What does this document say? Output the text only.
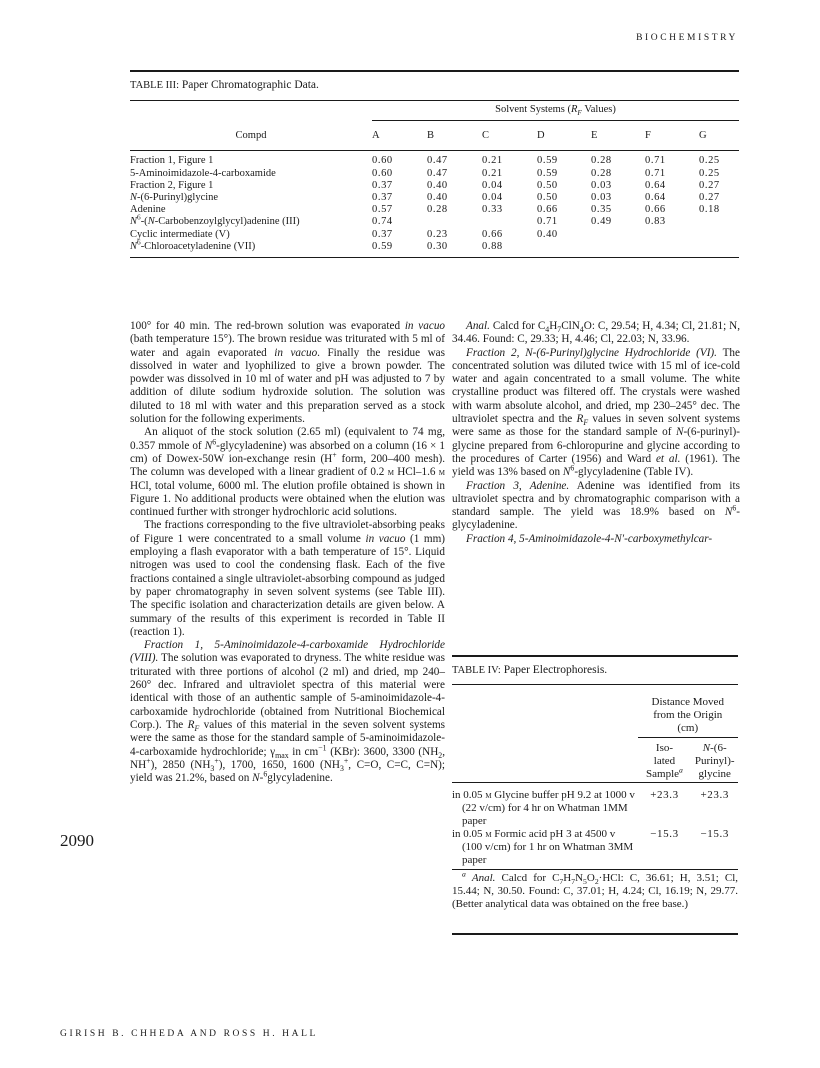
BIOCHEMISTRY
TABLE III: Paper Chromatographic Data.
	Solvent Systems ($R_F$ Values)						
Compd	A	B	C	D	E	F	G
Fraction 1, Figure 1	0.60	0.47	0.21	0.59	0.28	0.71	0.25
5-Aminoimidazole-4-carboxamide	0.60	0.47	0.21	0.59	0.28	0.71	0.25
Fraction 2, Figure 1	0.37	0.40	0.04	0.50	0.03	0.64	0.27
N-(6-Purinyl)glycine	0.37	0.40	0.04	0.50	0.03	0.64	0.27
Adenine	0.57	0.28	0.33	0.66	0.35	0.66	0.18
$N^6-(N-Carbobenzoylglycyl)adenine$ (III)	0.74			0.71	0.49	0.83	
Cyclic intermediate (V)	0.37	0.23	0.66	0.40			
$N^6$-Chloroacetyladenine (VII)	0.59	0.30	0.88				

100° for 40 min. The red-brown solution was evaporated in vacuo (bath temperature 15°). The brown residue was triturated with 5 ml of water and again evaporated in vacuo. Finally the residue was dissolved in water and lyophilized to give a brown powder. The powder was dissolved in 10 ml of water and pH was adjusted to 7 by addition of dilute sodium hydroxide solution. The solution was diluted to 18 ml with water and this preparation served as a stock solution for the following experiments.

An aliquot of the stock solution (2.65 ml) (equivalent to 74 mg, 0.357 mmole of $N^6-glycyladenine$) was absorbed on a column (16 × 1 cm) of Dowex-50W ion-exchange resin (H+ form, 200–400 mesh). The column was developed with a linear gradient of 0.2 m HCl–1.6 m HCl, total volume, 6000 ml. The elution profile obtained is shown in Figure 1. No additional products were obtained when the elution was continued further with stronger hydrochloric acid solutions.

The fractions corresponding to the five ultraviolet-absorbing peaks of Figure 1 were concentrated to a small volume in vacuo (1 mm) employing a flash evaporator with a bath temperature of 15°. Liquid nitrogen was used to cool the condensing flask. Each of the five fractions contained a single ultraviolet-absorbing compound as judged by paper chromatography in seven solvent systems (see Table III). The specific isolation and characterization details are given below. A summary of the results of this experiment is recorded in Table II (reaction 1).

Fraction 1, 5-Aminoimidazole-4-carboxamide Hydrochloride (VIII). The solution was evaporated to dryness. The white residue was triturated with three portions of alcohol (2 ml) and dried, mp 240–260° dec. Infrared and ultraviolet spectra of this material were identical with those of an authentic sample of 5-aminoimidazole-4-carboxamide hydrochloride (obtained from Nutritional Biochemical Corp.). The $R_F$ values of this material in the seven solvent systems were the same as those for the standard sample of 5-aminoimidazole-4-carboxamide hydrochloride; $\gamma_{max}$ in $cm^{-1}$ (KBr): 3600, 3300 ($NH_2$, NH+), 2850 $(NH_3^+)$, 1700, 1650, 1600 ($NH_3^+$, C=O, C=C, C=N); yield was 21.2%, based on N-$^6$glycyladenine.

Anal. Calcd for $C_4H_7ClN_4O$: C, 29.54; H, 4.34; Cl, 21.81; N, 34.46. Found: C, 29.33; H, 4.46; Cl, 22.03; N, 33.96.

Fraction 2, N-(6-Purinyl)glycine Hydrochloride (VI). The concentrated solution was diluted twice with 15 ml of ice-cold water and again concentrated to a small volume. The white crystalline product was filtered off. The crystals were washed with warm absolute alcohol, and dried, mp 230–245° dec. The ultraviolet spectra and the $R_F$ values in seven solvent systems were same as those for the standard sample of N-(6-purinyl)-glycine prepared from 6-chloropurine and glycine according to the procedures of Carter (1956) and Ward et al. (1961). The yield was 13% based on $N^6$-glycyladenine (Table IV).

Fraction 3, Adenine. Adenine was identified from its ultraviolet spectra and by chromatographic comparison with a standard sample. The yield was 18.9% based on $N^6$-glycyladenine.

Fraction 4, 5-Aminoimidazole-4-N′-carboxymethylcar-

TABLE IV: Paper Electrophoresis.
	Distance Moved
from the Origin
(cm)	
	Iso-
lated
Sample$^a$	N-(6-
Purinyl)-
glycine
in 0.05 m Glycine buffer pH 9.2 at 1000 v (22 v/cm) for 4 hr on Whatman 1MM paper	+23.3	+23.3
in 0.05 m Formic acid pH 3 at 4500 v (100 v/cm) for 1 hr on Whatman 3MM paper	−15.3	−15.3
$^a$ Anal. Calcd for $C_7H_7N_5O_2\cdot HCl$: C, 36.61; H, 3.51; Cl, 15.44; N, 30.50. Found: C, 37.01; H, 4.24; Cl, 16.19; N, 29.77. (Better analytical data was obtained on the free base.)
2090
GIRISH B. CHHEDA AND ROSS H. HALL
